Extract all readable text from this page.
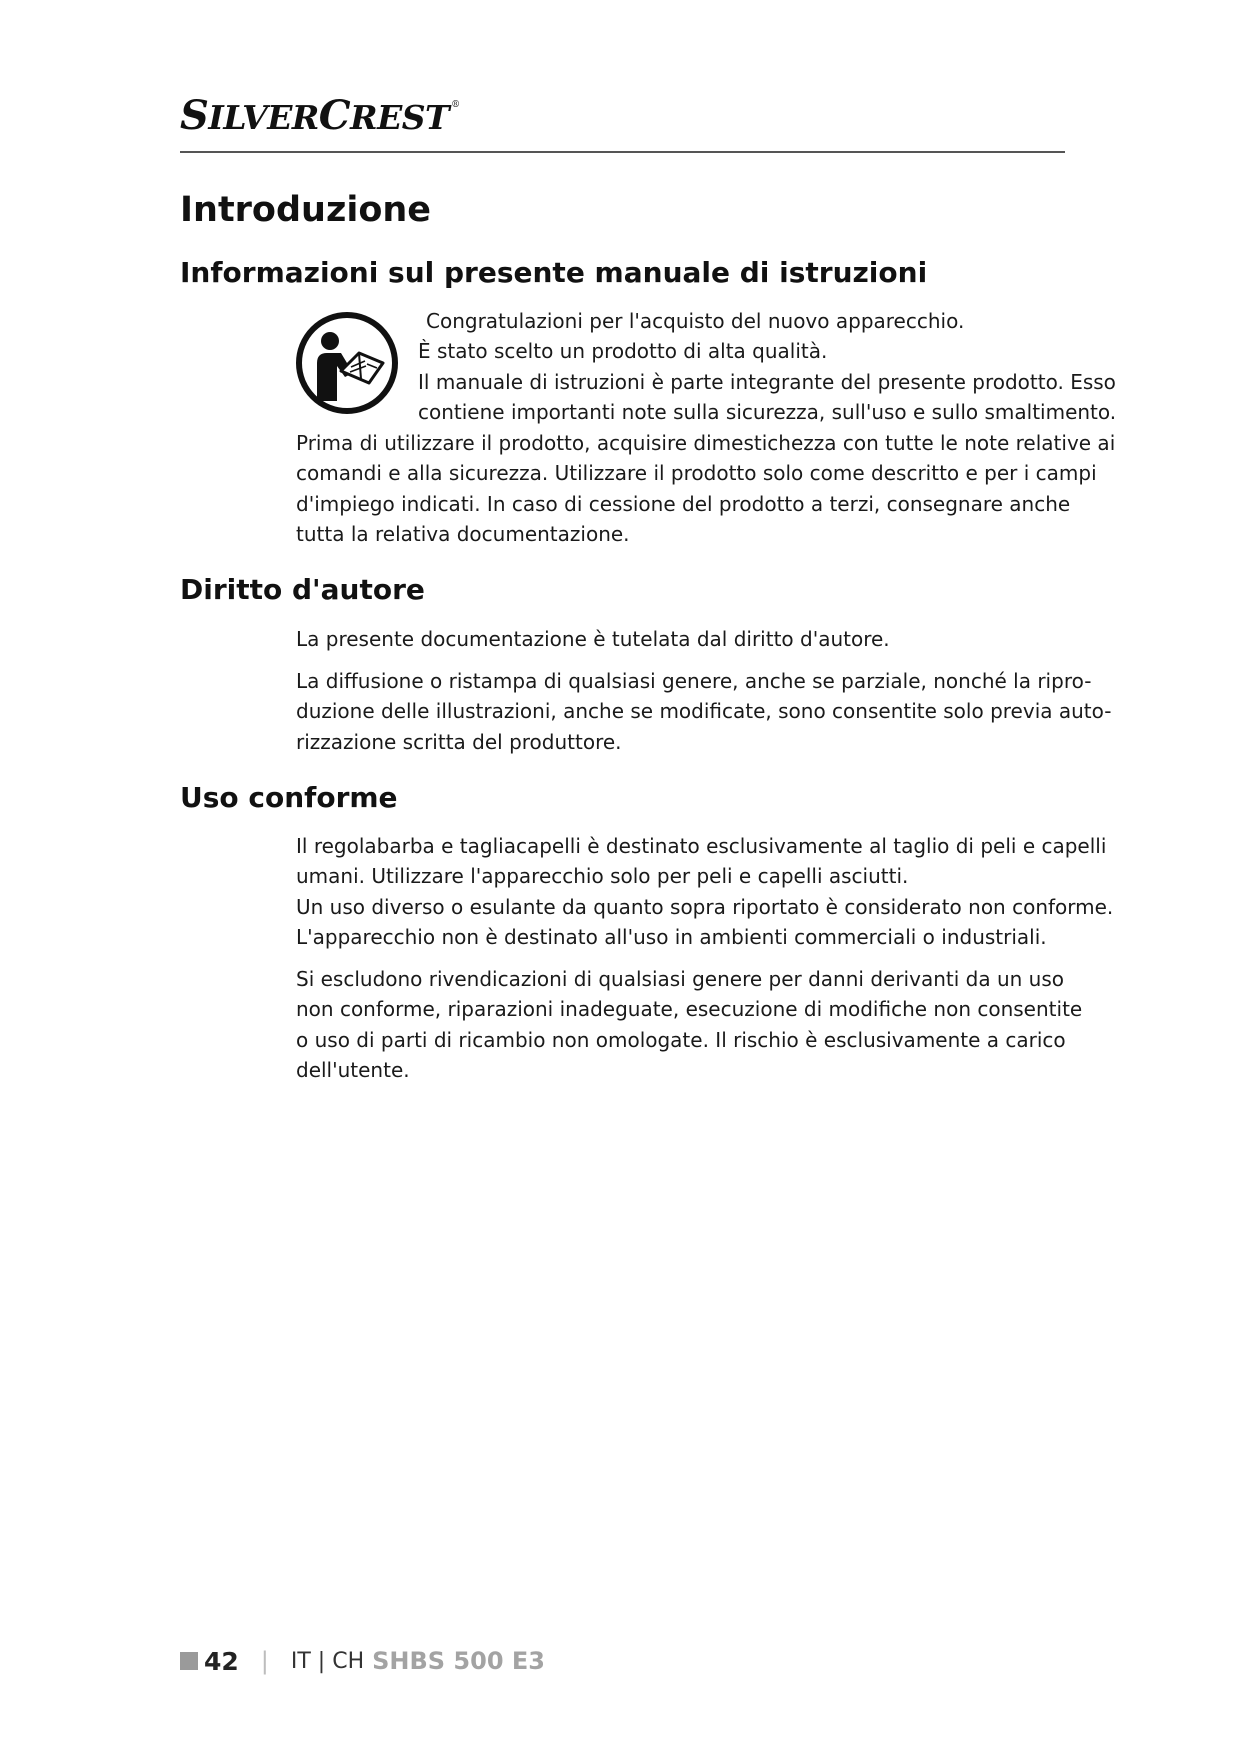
SILVERCREST ®
Introduzione
Informazioni sul presente manuale di istruzioni

Congratulazioni per l'acquisto del nuovo apparecchio.

È stato scelto un prodotto di alta qualità.

Il manuale di istruzioni è parte integrante del presente prodotto. Esso

contiene importanti note sulla sicurezza, sull'uso e sullo smaltimento.

Prima di utilizzare il prodotto, acquisire dimestichezza con tutte le note relative ai

comandi e alla sicurezza. Utilizzare il prodotto solo come descritto e per i campi

d'impiego indicati. In caso di cessione del prodotto a terzi, consegnare anche

tutta la relativa documentazione.

Diritto d'autore

La presente documentazione è tutelata dal diritto d'autore.

La diffusione o ristampa di qualsiasi genere, anche se parziale, nonché la ripro-

duzione delle illustrazioni, anche se modificate, sono consentite solo previa auto-

rizzazione scritta del produttore.

Uso conforme

Il regolabarba e tagliacapelli è destinato esclusivamente al taglio di peli e capelli

umani. Utilizzare l'apparecchio solo per peli e capelli asciutti.

Un uso diverso o esulante da quanto sopra riportato è considerato non conforme.

L'apparecchio non è destinato all'uso in ambienti commerciali o industriali.

Si escludono rivendicazioni di qualsiasi genere per danni derivanti da un uso

non conforme, riparazioni inadeguate, esecuzione di modifiche non consentite

o uso di parti di ricambio non omologate. Il rischio è esclusivamente a carico

dell'utente.

42 | IT | CH SHBS 500 E3
